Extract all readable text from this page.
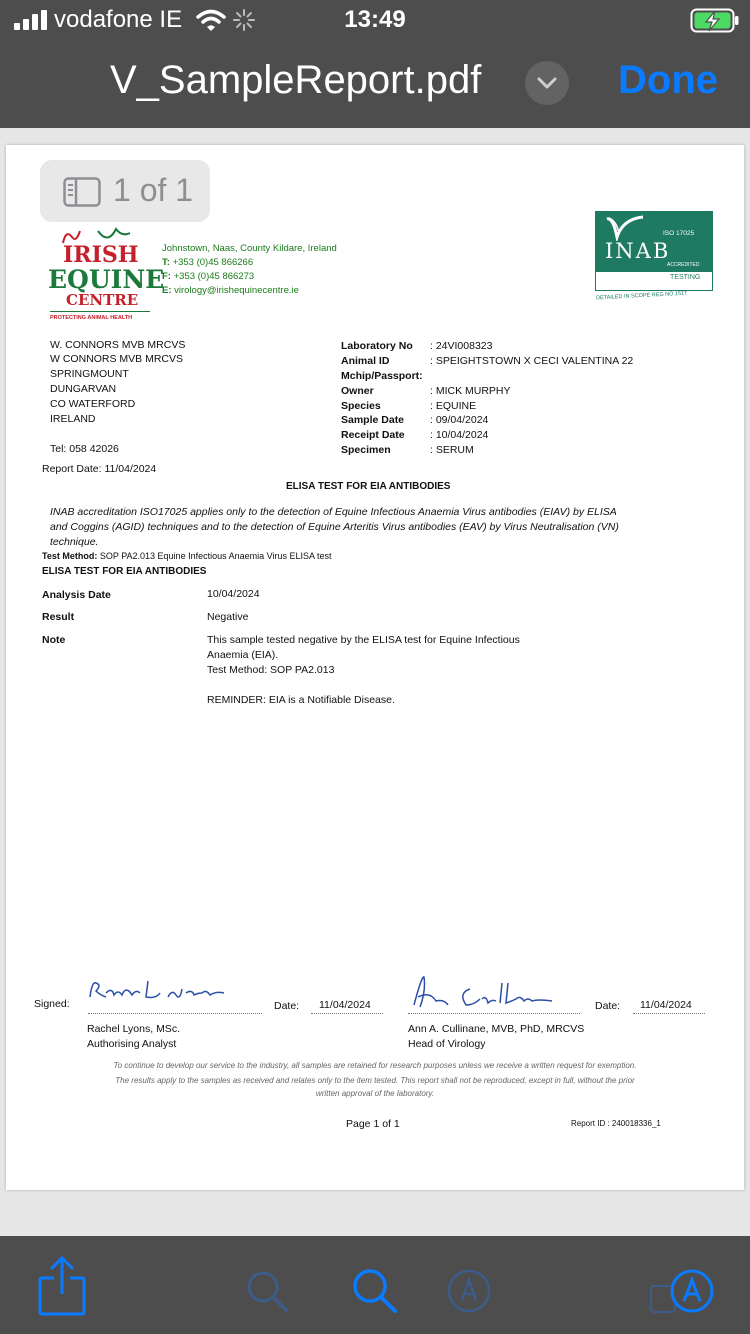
vodafone IE	13:49
V_SampleReport.pdf	Done
1 of 1
IRISH
EQUINE
CENTRE
PROTECTING ANIMAL HEALTH
Johnstown, Naas, County Kildare, Ireland
T: +353 (0)45 866266
F: +353 (0)45 866273
E: virology@irishequinecentre.ie
ISO 17025
INAB
ACCREDITED
TESTING
DETAILED IN SCOPE REG NO.151T
W. CONNORS MVB MRCVS
W CONNORS MVB MRCVS
SPRINGMOUNT
DUNGARVAN
CO WATERFORD
IRELAND
Tel: 058 42026
Report Date: 11/04/2024
Laboratory No : 24VI008323
Animal ID	: SPEIGHTSTOWN X CECI VALENTINA 22
Mchip/Passport:
Owner	: MICK MURPHY
Species	: EQUINE
Sample Date : 09/04/2024
Receipt Date : 10/04/2024
Specimen	: SERUM
ELISA TEST FOR EIA ANTIBODIES
INAB accreditation ISO17025 applies only to the detection of Equine Infectious Anaemia Virus antibodies (EIAV) by ELISA
and Coggins (AGID) techniques and to the detection of Equine Arteritis Virus antibodies (EAV) by Virus Neutralisation (VN)
technique.
Test Method: SOP PA2.013 Equine Infectious Anaemia Virus ELISA test
ELISA TEST FOR EIA ANTIBODIES
Analysis Date	10/04/2024
Result	Negative
Note	This sample tested negative by the ELISA test for Equine Infectious
Anaemia (EIA).
Test Method: SOP PA2.013
REMINDER: EIA is a Notifiable Disease.
Signed:	Date: 11/04/2024
Rachel Lyons, MSc.
Authorising Analyst
Date: 11/04/2024
Ann A. Cullinane, MVB, PhD, MRCVS
Head of Virology
To continue to develop our service to the industry, all samples are retained for research purposes unless we receive a written request for exemption.
The results apply to the samples as received and relates only to the item tested. This report shall not be reproduced, except in full, without the prior
written approval of the laboratory.
Page 1 of 1	Report ID : 240018336_1
